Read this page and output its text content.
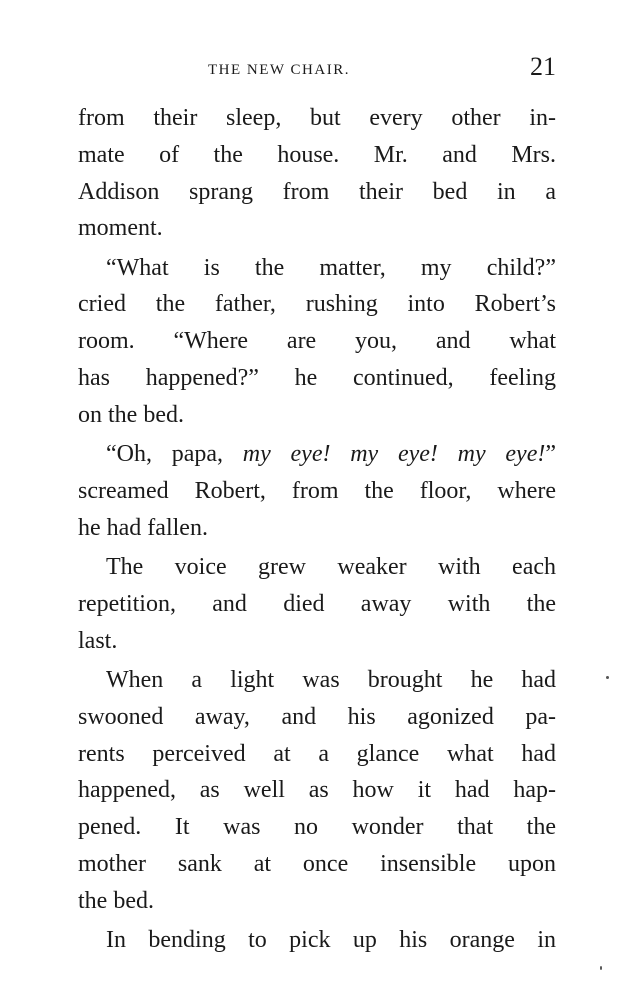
THE NEW CHAIR.	21
from their sleep, but every other in-
mate of the house. Mr. and Mrs.
Addison sprang from their bed in a
moment.
“What is the matter, my child?”
cried the father, rushing into Robert’s
room. “Where are you, and what
has happened?” he continued, feeling
on the bed.
“Oh, papa, my eye! my eye! my eye!”
screamed Robert, from the floor, where
he had fallen.
The voice grew weaker with each
repetition, and died away with the
last.
When a light was brought he had
swooned away, and his agonized pa-
rents perceived at a glance what had
happened, as well as how it had hap-
pened. It was no wonder that the
mother sank at once insensible upon
the bed.
In bending to pick up his orange in
